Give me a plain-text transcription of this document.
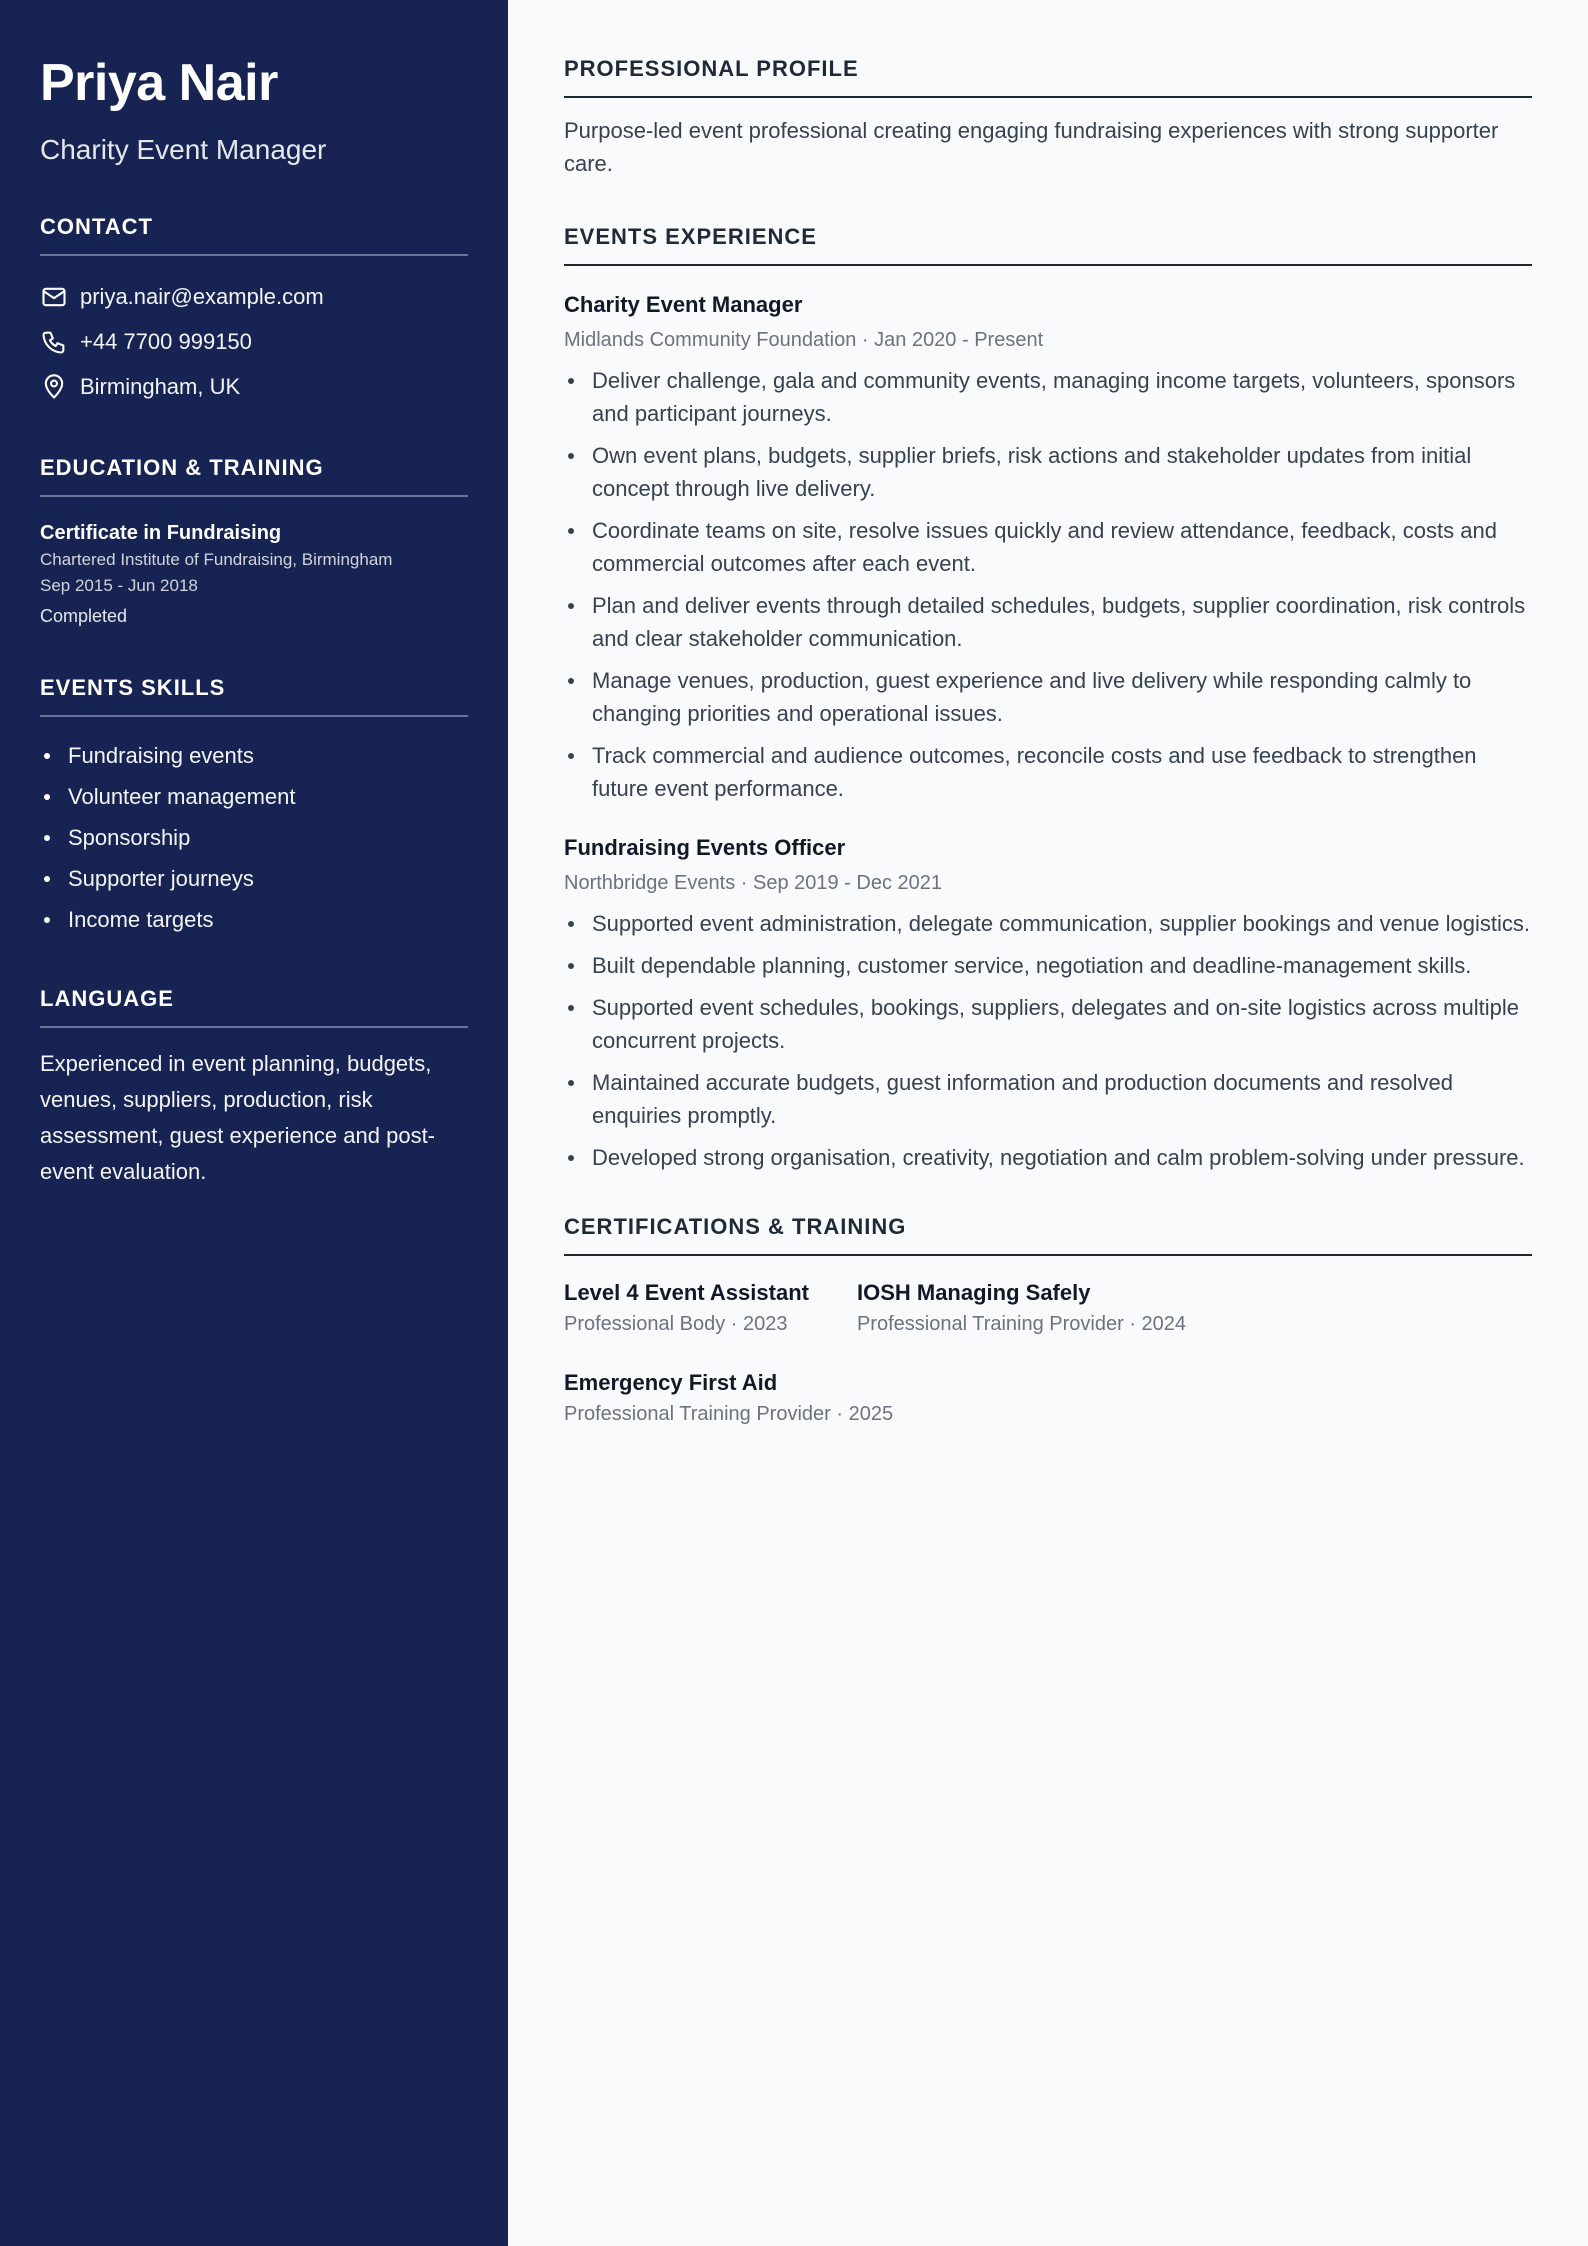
Priya Nair
Charity Event Manager
CONTACT
priya.nair@example.com
+44 7700 999150
Birmingham, UK
EDUCATION & TRAINING
Certificate in Fundraising
Chartered Institute of Fundraising, Birmingham
Sep 2015 - Jun 2018
Completed
EVENTS SKILLS
Fundraising events
Volunteer management
Sponsorship
Supporter journeys
Income targets
LANGUAGE
Experienced in event planning, budgets, venues, suppliers, production, risk assessment, guest experience and post-event evaluation.
PROFESSIONAL PROFILE
Purpose-led event professional creating engaging fundraising experiences with strong supporter care.
EVENTS EXPERIENCE
Charity Event Manager
Midlands Community Foundation · Jan 2020 - Present
Deliver challenge, gala and community events, managing income targets, volunteers, sponsors and participant journeys.
Own event plans, budgets, supplier briefs, risk actions and stakeholder updates from initial concept through live delivery.
Coordinate teams on site, resolve issues quickly and review attendance, feedback, costs and commercial outcomes after each event.
Plan and deliver events through detailed schedules, budgets, supplier coordination, risk controls and clear stakeholder communication.
Manage venues, production, guest experience and live delivery while responding calmly to changing priorities and operational issues.
Track commercial and audience outcomes, reconcile costs and use feedback to strengthen future event performance.
Fundraising Events Officer
Northbridge Events · Sep 2019 - Dec 2021
Supported event administration, delegate communication, supplier bookings and venue logistics.
Built dependable planning, customer service, negotiation and deadline-management skills.
Supported event schedules, bookings, suppliers, delegates and on-site logistics across multiple concurrent projects.
Maintained accurate budgets, guest information and production documents and resolved enquiries promptly.
Developed strong organisation, creativity, negotiation and calm problem-solving under pressure.
CERTIFICATIONS & TRAINING
Level 4 Event Assistant
Professional Body · 2023
IOSH Managing Safely
Professional Training Provider · 2024
Emergency First Aid
Professional Training Provider · 2025
